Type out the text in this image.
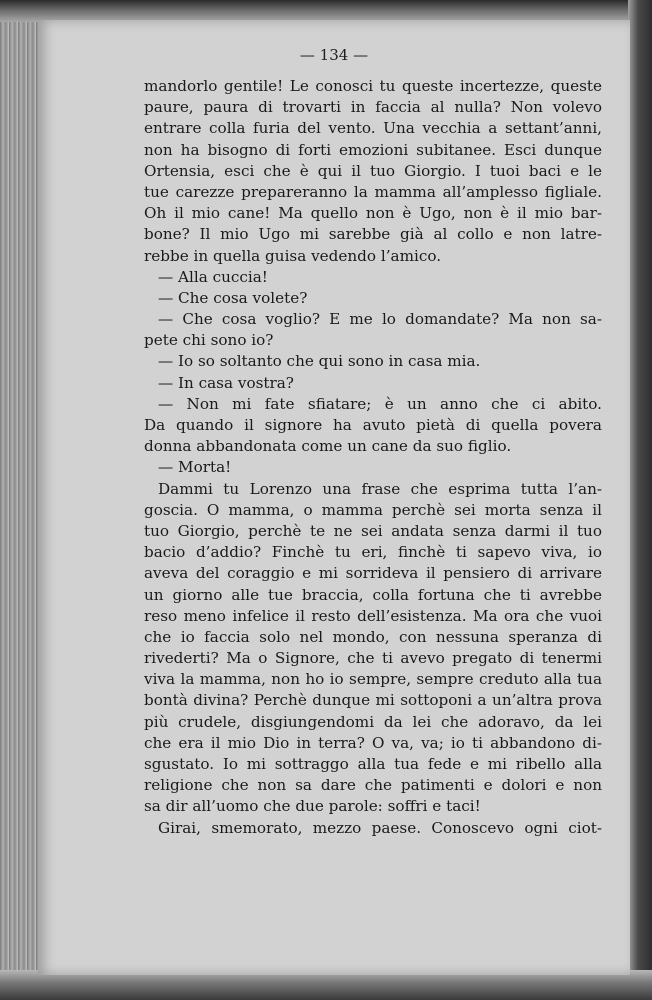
— 134 —

mandorlo gentile! Le conosci tu queste incertezze, queste
paure, paura di trovarti in faccia al nulla? Non volevo
entrare colla furia del vento. Una vecchia a settant’anni,
non ha bisogno di forti emozioni subitanee. Esci dunque
Ortensia, esci che è qui il tuo Giorgio. I tuoi baci e le
tue carezze prepareranno la mamma all’amplesso figliale.
Oh il mio cane! Ma quello non è Ugo, non è il mio bar-
bone? Il mio Ugo mi sarebbe già al collo e non latre-
rebbe in quella guisa vedendo l’amico.
— Alla cuccia!
— Che cosa volete?
— Che cosa voglio? E me lo domandate? Ma non sa-
pete chi sono io?
— Io so soltanto che qui sono in casa mia.
— In casa vostra?
— Non mi fate sfiatare; è un anno che ci abito.
Da quando il signore ha avuto pietà di quella povera
donna abbandonata come un cane da suo figlio.
— Morta!
Dammi tu Lorenzo una frase che esprima tutta l’an-
goscia. O mamma, o mamma perchè sei morta senza il
tuo Giorgio, perchè te ne sei andata senza darmi il tuo
bacio d’addio? Finchè tu eri, finchè ti sapevo viva, io
aveva del coraggio e mi sorrideva il pensiero di arrivare
un giorno alle tue braccia, colla fortuna che ti avrebbe
reso meno infelice il resto dell’esistenza. Ma ora che vuoi
che io faccia solo nel mondo, con nessuna speranza di
rivederti? Ma o Signore, che ti avevo pregato di tenermi
viva la mamma, non ho io sempre, sempre creduto alla tua
bontà divina? Perchè dunque mi sottoponi a un’altra prova
più crudele, disgiungendomi da lei che adoravo, da lei
che era il mio Dio in terra? O va, va; io ti abbandono di-
sgustato. Io mi sottraggo alla tua fede e mi ribello alla
religione che non sa dare che patimenti e dolori e non
sa dir all’uomo che due parole: soffri e taci!
Girai, smemorato, mezzo paese. Conoscevo ogni ciot-
